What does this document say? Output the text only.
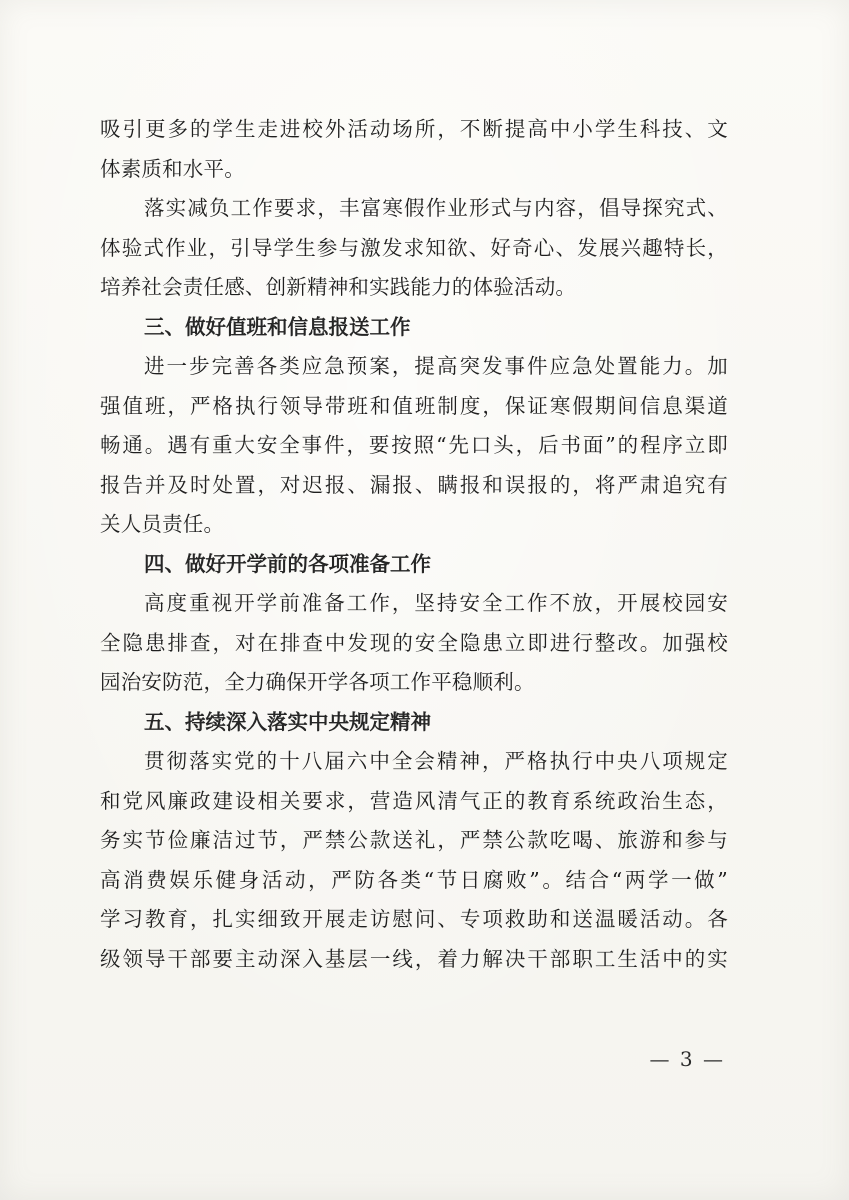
吸引更多的学生走进校外活动场所，不断提高中小学生科技、文
体素质和水平。
落实减负工作要求，丰富寒假作业形式与内容，倡导探究式、
体验式作业，引导学生参与激发求知欲、好奇心、发展兴趣特长，
培养社会责任感、创新精神和实践能力的体验活动。
三、做好值班和信息报送工作
进一步完善各类应急预案，提高突发事件应急处置能力。加
强值班，严格执行领导带班和值班制度，保证寒假期间信息渠道
畅通。遇有重大安全事件，要按照“先口头，后书面”的程序立即
报告并及时处置，对迟报、漏报、瞒报和误报的，将严肃追究有
关人员责任。
四、做好开学前的各项准备工作
高度重视开学前准备工作，坚持安全工作不放，开展校园安
全隐患排查，对在排查中发现的安全隐患立即进行整改。加强校
园治安防范，全力确保开学各项工作平稳顺利。
五、持续深入落实中央规定精神
贯彻落实党的十八届六中全会精神，严格执行中央八项规定
和党风廉政建设相关要求，营造风清气正的教育系统政治生态，
务实节俭廉洁过节，严禁公款送礼，严禁公款吃喝、旅游和参与
高消费娱乐健身活动，严防各类“节日腐败”。结合“两学一做”
学习教育，扎实细致开展走访慰问、专项救助和送温暖活动。各
级领导干部要主动深入基层一线，着力解决干部职工生活中的实
— 3 —
